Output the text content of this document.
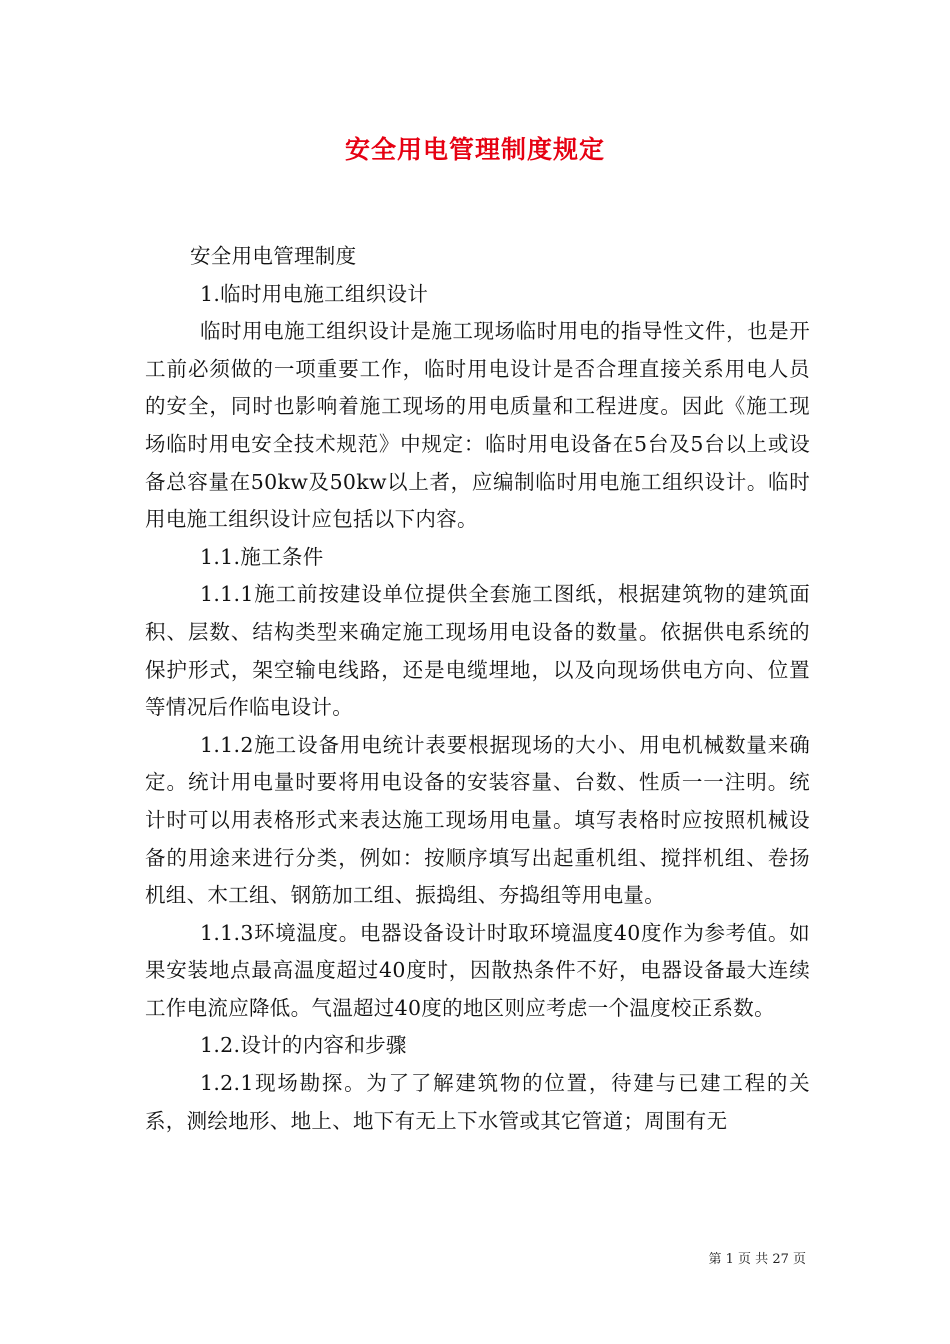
安全用电管理制度规定

安全用电管理制度

1.临时用电施工组织设计

临时用电施工组织设计是施工现场临时用电的指导性文件，也是开工前必须做的一项重要工作，临时用电设计是否合理直接关系用电人员的安全，同时也影响着施工现场的用电质量和工程进度。因此《施工现场临时用电安全技术规范》中规定：临时用电设备在5台及5台以上或设备总容量在50kw及50kw以上者，应编制临时用电施工组织设计。临时用电施工组织设计应包括以下内容。

1.1.施工条件

1.1.1施工前按建设单位提供全套施工图纸，根据建筑物的建筑面积、层数、结构类型来确定施工现场用电设备的数量。依据供电系统的保护形式，架空输电线路，还是电缆埋地，以及向现场供电方向、位置等情况后作临电设计。

1.1.2施工设备用电统计表要根据现场的大小、用电机械数量来确定。统计用电量时要将用电设备的安装容量、台数、性质一一注明。统计时可以用表格形式来表达施工现场用电量。填写表格时应按照机械设备的用途来进行分类，例如：按顺序填写出起重机组、搅拌机组、卷扬机组、木工组、钢筋加工组、振捣组、夯捣组等用电量。

1.1.3环境温度。电器设备设计时取环境温度40度作为参考值。如果安装地点最高温度超过40度时，因散热条件不好，电器设备最大连续工作电流应降低。气温超过40度的地区则应考虑一个温度校正系数。

1.2.设计的内容和步骤

1.2.1现场勘探。为了了解建筑物的位置，待建与已建工程的关系，测绘地形、地上、地下有无上下水管或其它管道；周围有无

第 1 页 共 27 页
